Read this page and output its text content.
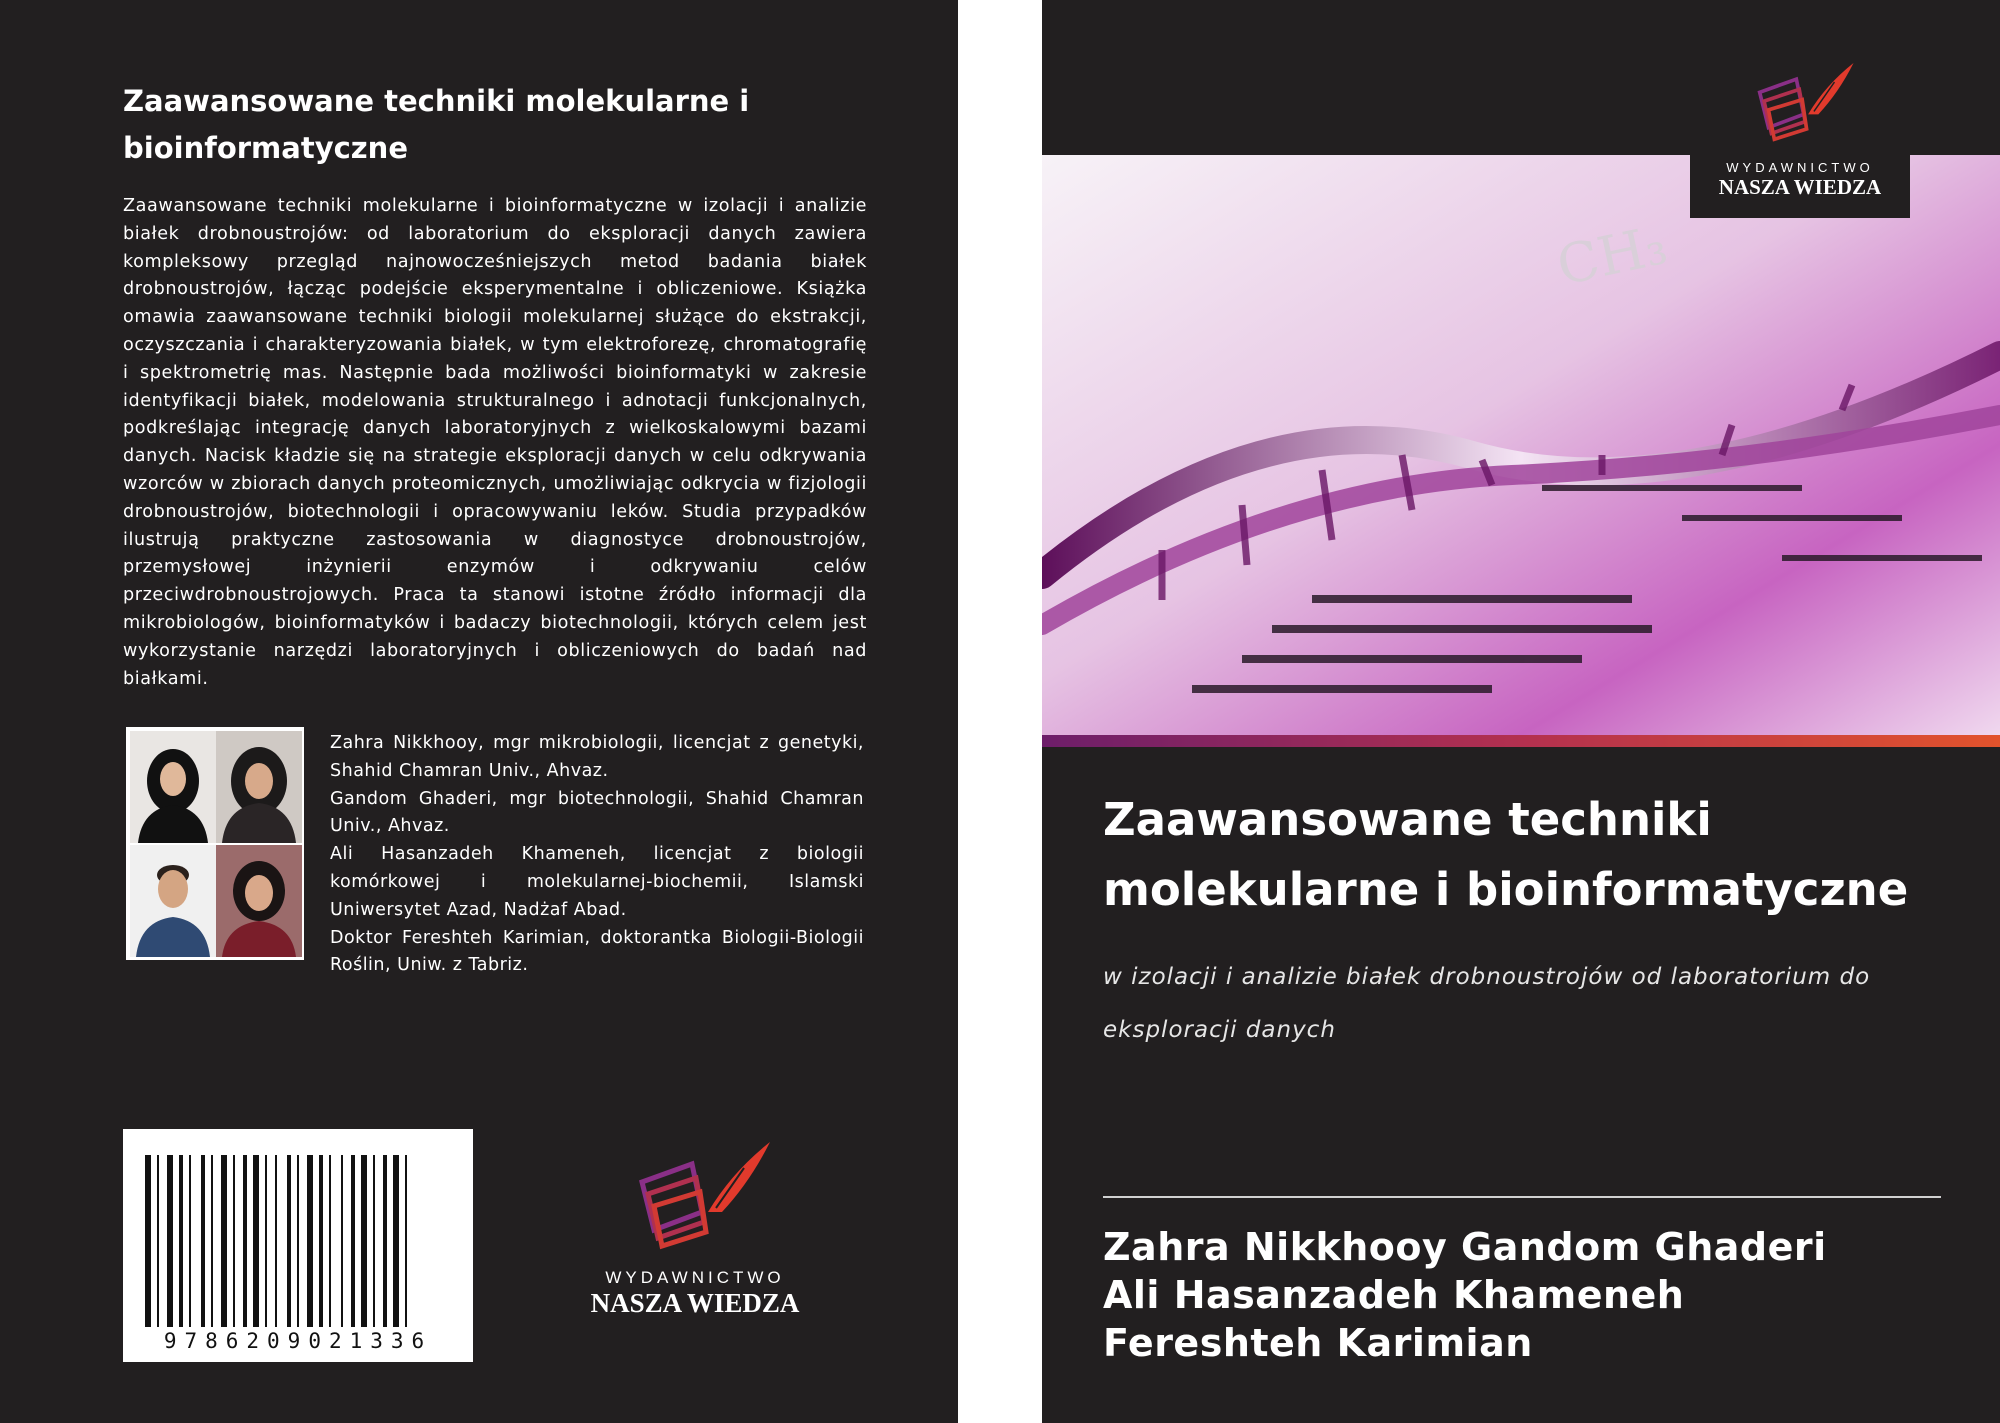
Zaawansowane techniki molekularne i bioinformatyczne

Zaawansowane techniki molekularne i bioinformatyczne w izolacji i analizie białek drobnoustrojów: od laboratorium do eksploracji danych zawiera kompleksowy przegląd najnowocześniejszych metod badania białek drobnoustrojów, łącząc podejście eksperymentalne i obliczeniowe. Książka omawia zaawansowane techniki biologii molekularnej służące do ekstrakcji, oczyszczania i charakteryzowania białek, w tym elektroforezę, chromatografię i spektrometrię mas. Następnie bada możliwości bioinformatyki w zakresie identyfikacji białek, modelowania strukturalnego i adnotacji funkcjonalnych, podkreślając integrację danych laboratoryjnych z wielkoskalowymi bazami danych. Nacisk kładzie się na strategie eksploracji danych w celu odkrywania wzorców w zbiorach danych proteomicznych, umożliwiając odkrycia w fizjologii drobnoustrojów, biotechnologii i opracowywaniu leków. Studia przypadków ilustrują praktyczne zastosowania w diagnostyce drobnoustrojów, przemysłowej inżynierii enzymów i odkrywaniu celów przeciwdrobnoustrojowych. Praca ta stanowi istotne źródło informacji dla mikrobiologów, bioinformatyków i badaczy biotechnologii, których celem jest wykorzystanie narzędzi laboratoryjnych i obliczeniowych do badań nad białkami.

Zahra Nikkhooy, mgr mikrobiologii, licencjat z genetyki, Shahid Chamran Univ., Ahvaz.

Gandom Ghaderi, mgr biotechnologii, Shahid Chamran Univ., Ahvaz.

Ali Hasanzadeh Khameneh, licencjat z biologii komórkowej i molekularnej-biochemii, Islamski Uniwersytet Azad, Nadżaf Abad.

Doktor Fereshteh Karimian, doktorantka Biologii-Biologii Roślin, Uniw. z Tabriz.

9786209021336
WYDAWNICTWO
NASZA WIEDZA
CH₃
WYDAWNICTWO
NASZA WIEDZA
Zaawansowane techniki molekularne i bioinformatyczne

w izolacji i analizie białek drobnoustrojów od laboratorium do eksploracji danych

Zahra Nikkhooy Gandom Ghaderi
Ali Hasanzadeh Khameneh
Fereshteh Karimian
